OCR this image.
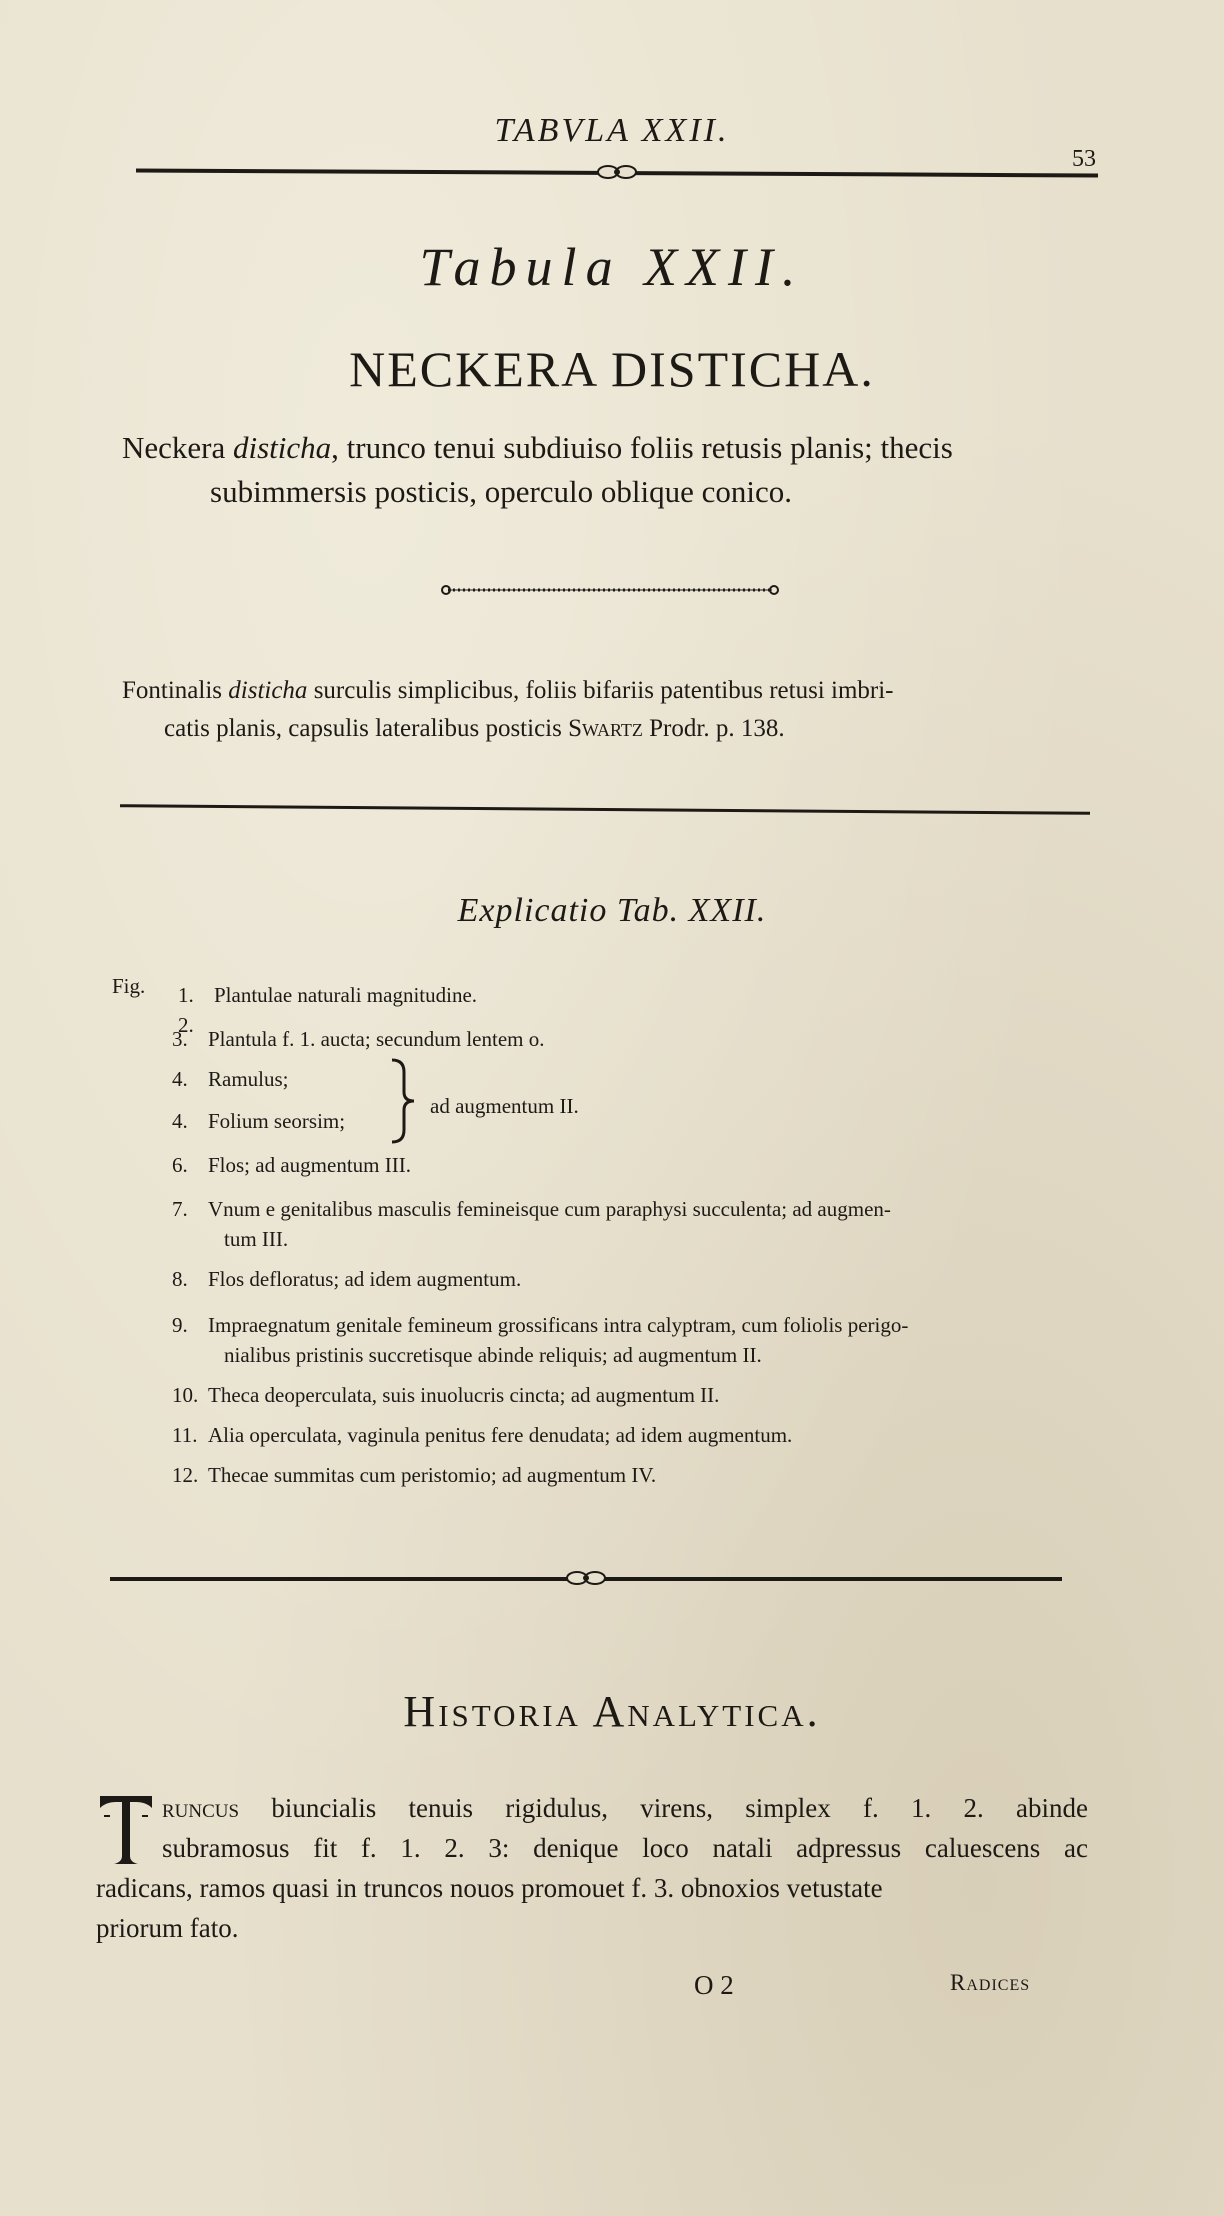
TABVLA XXII.
53
Tabula XXII.
NECKERA DISTICHA.
Neckera disticha, trunco tenui subdiuiso foliis retusis planis; thecis
subimmersis posticis, operculo oblique conico.
Fontinalis disticha surculis simplicibus, foliis bifariis patentibus retusi imbri-
catis planis, capsulis lateralibus posticis Swartz Prodr. p. 138.
Explicatio Tab. XXII.
Fig. 1. 2.
Plantulae naturali magnitudine.
3. Plantula f. 1. aucta; secundum lentem o.
4. Ramulus;
4. Folium seorsim;
ad augmentum II.
6. Flos; ad augmentum III.
7. Vnum e genitalibus masculis femineisque cum paraphysi succulenta; ad augmen-
tum III.
8. Flos defloratus; ad idem augmentum.
9. Impraegnatum genitale femineum grossificans intra calyptram, cum foliolis perigo-
nialibus pristinis succretisque abinde reliquis; ad augmentum II.
10. Theca deoperculata, suis inuolucris cincta; ad augmentum II.
11. Alia operculata, vaginula penitus fere denudata; ad idem augmentum.
12. Thecae summitas cum peristomio; ad augmentum IV.
Historia Analytica.
runcus biuncialis tenuis rigidulus, virens, simplex f. 1. 2. abinde
subramosus fit f. 1. 2. 3: denique loco natali adpressus caluescens ac
radicans, ramos quasi in truncos nouos promouet f. 3. obnoxios vetustate
priorum fato.
O 2	Radices
